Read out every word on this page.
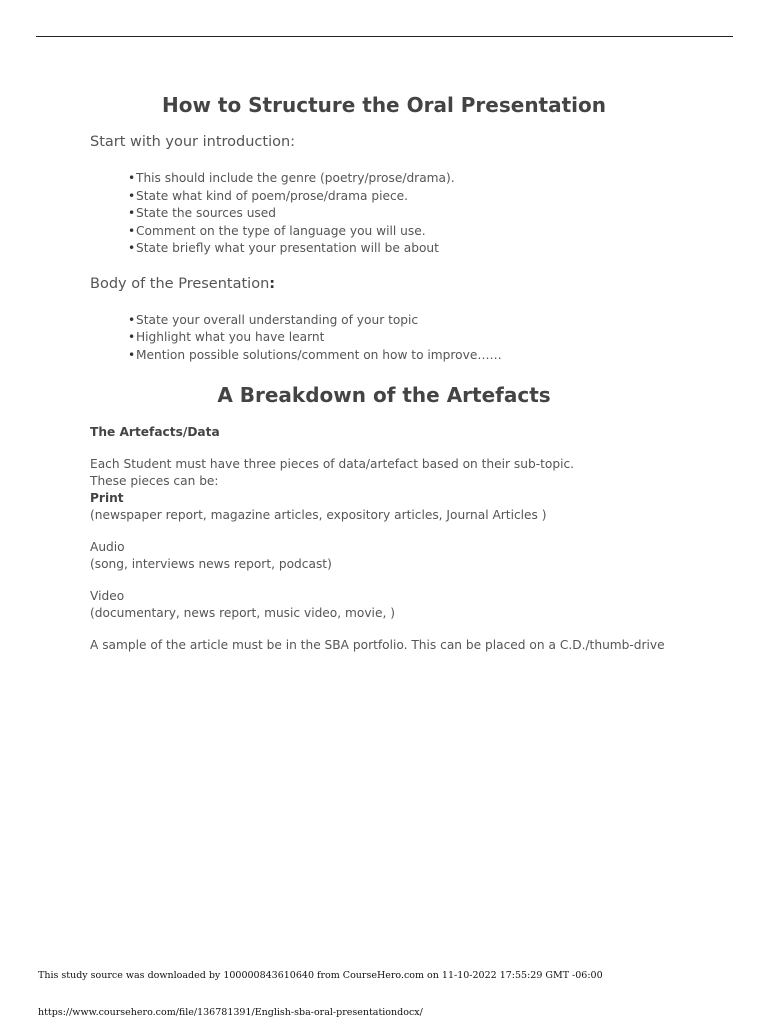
How to Structure the Oral Presentation
Start with your introduction:
• This should include the genre (poetry/prose/drama).
• State what kind of poem/prose/drama piece.
• State the sources used
• Comment on the type of language you will use.
• State briefly what your presentation will be about
Body of the Presentation:
• State your overall understanding of your topic
• Highlight what you have learnt
• Mention possible solutions/comment on how to improve……
A Breakdown of the Artefacts

The Artefacts/Data

Each Student must have three pieces of data/artefact based on their sub-topic.

These pieces can be:

Print

(newspaper report, magazine articles, expository articles, Journal Articles )

Audio

(song, interviews news report, podcast)

Video

(documentary, news report, music video, movie, )

A sample of the article must be in the SBA portfolio. This can be placed on a C.D./thumb-drive

This study source was downloaded by 100000843610640 from CourseHero.com on 11-10-2022 17:55:29 GMT -06:00
https://www.coursehero.com/file/136781391/English-sba-oral-presentationdocx/
